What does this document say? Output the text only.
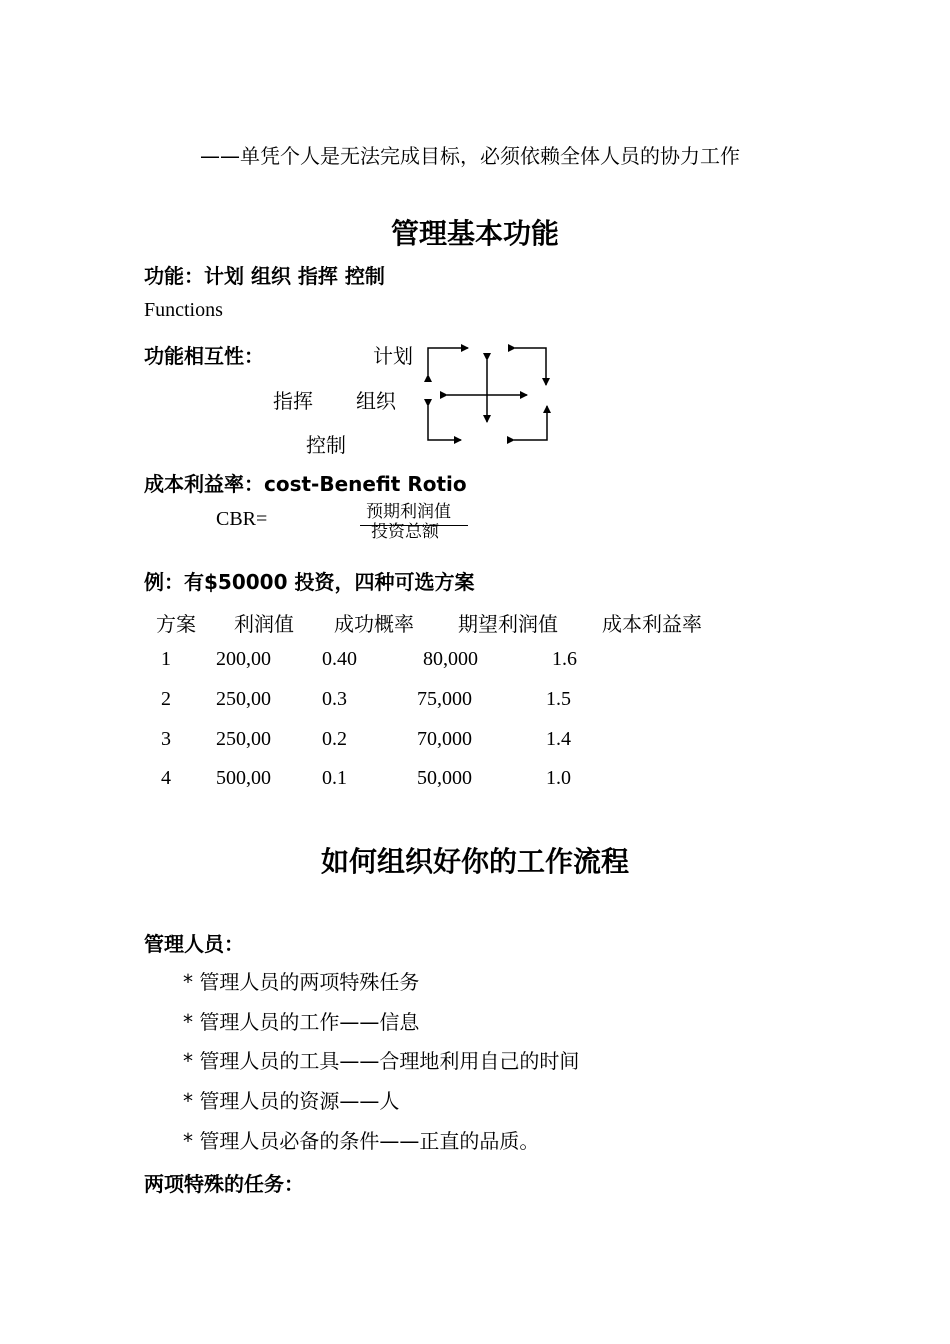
——单凭个人是无法完成目标，必须依赖全体人员的协力工作
管理基本功能
功能：计划 组织 指挥 控制
Functions
功能相互性：	计划
指挥 组织
控制
成本利益率：cost-Benefit Rotio
CBR=	预期利润值
投资总额
例：有$50000 投资，四种可选方案
方案 利润值 成功概率 期望利润值 成本利益率
1 200,00	0.40	80,000	1.6
2 250,00	0.3	75,000	1.5
3 250,00	0.2	70,000	1.4
4 500,00	0.1	50,000	1.0
如何组织好你的工作流程
管理人员：
* 管理人员的两项特殊任务
* 管理人员的工作——信息
* 管理人员的工具——合理地利用自己的时间
* 管理人员的资源——人
* 管理人员必备的条件——正直的品质。
两项特殊的任务：
